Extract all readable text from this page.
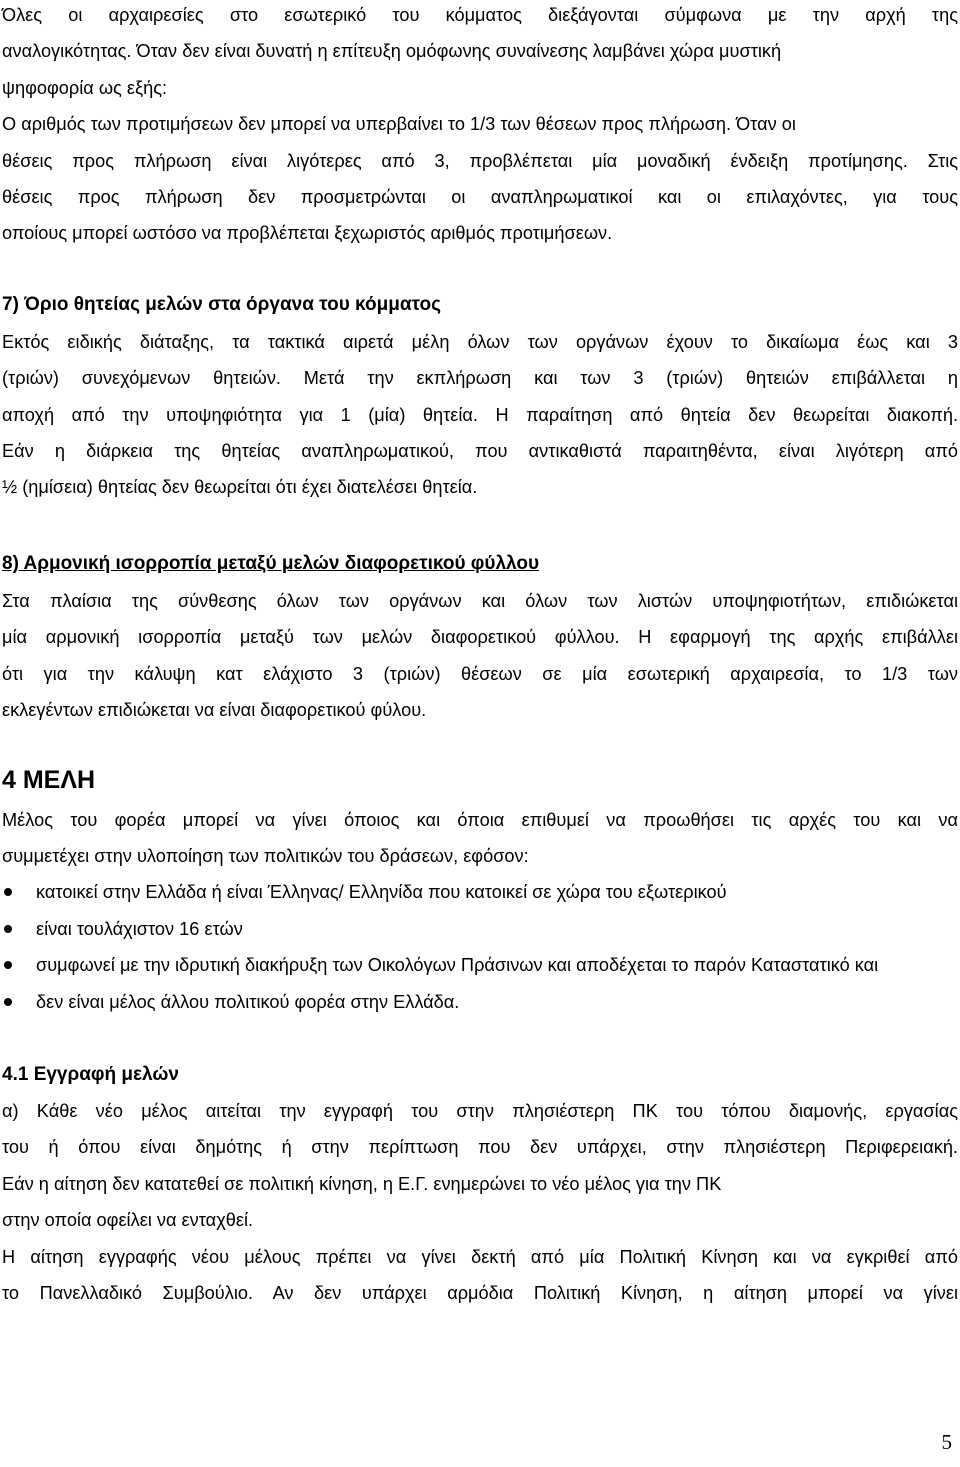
Όλες οι αρχαιρεσίες στο εσωτερικό του κόμματος διεξάγονται σύμφωνα με την αρχή της
αναλογικότητας. Όταν δεν είναι δυνατή η επίτευξη ομόφωνης συναίνεσης λαμβάνει χώρα μυστική
ψηφοφορία ως εξής:
Ο αριθμός των προτιμήσεων δεν μπορεί να υπερβαίνει το 1/3 των θέσεων προς πλήρωση. Όταν οι
θέσεις προς πλήρωση είναι λιγότερες από 3, προβλέπεται μία μοναδική ένδειξη προτίμησης. Στις
θέσεις προς πλήρωση δεν προσμετρώνται οι αναπληρωματικοί και οι επιλαχόντες, για τους
οποίους μπορεί ωστόσο να προβλέπεται ξεχωριστός αριθμός προτιμήσεων.
7) Όριο θητείας μελών στα όργανα του κόμματος
Εκτός ειδικής διάταξης, τα τακτικά αιρετά μέλη όλων των οργάνων έχουν το δικαίωμα έως και 3
(τριών) συνεχόμενων θητειών. Μετά την εκπλήρωση και των 3 (τριών) θητειών επιβάλλεται η
αποχή από την υποψηφιότητα για 1 (μία) θητεία. Η παραίτηση από θητεία δεν θεωρείται διακοπή.
Εάν η διάρκεια της θητείας αναπληρωματικού, που αντικαθιστά παραιτηθέντα, είναι λιγότερη από
½ (ημίσεια) θητείας δεν θεωρείται ότι έχει διατελέσει θητεία.
8) Αρμονική ισορροπία μεταξύ μελών διαφορετικού φύλλου
Στα πλαίσια της σύνθεσης όλων των οργάνων και όλων των λιστών υποψηφιοτήτων, επιδιώκεται
μία αρμονική ισορροπία μεταξύ των μελών διαφορετικού φύλλου. Η εφαρμογή της αρχής επιβάλλει
ότι για την κάλυψη κατ ελάχιστο 3 (τριών) θέσεων σε μία εσωτερική αρχαιρεσία, το 1/3 των
εκλεγέντων επιδιώκεται να είναι διαφορετικού φύλου.
4 ΜΕΛΗ
Μέλος του φορέα μπορεί να γίνει όποιος και όποια επιθυμεί να προωθήσει τις αρχές του και να
συμμετέχει στην υλοποίηση των πολιτικών του δράσεων, εφόσον:
κατοικεί στην Ελλάδα ή είναι Έλληνας/ Ελληνίδα που κατοικεί σε χώρα του εξωτερικού
είναι τουλάχιστον 16 ετών
συμφωνεί με την ιδρυτική διακήρυξη των Οικολόγων Πράσινων και αποδέχεται το παρόν Καταστατικό και
δεν είναι μέλος άλλου πολιτικού φορέα στην Ελλάδα.
4.1 Εγγραφή μελών
α) Κάθε νέο μέλος αιτείται την εγγραφή του στην πλησιέστερη ΠΚ του τόπου διαμονής, εργασίας
του ή όπου είναι δημότης ή στην περίπτωση που δεν υπάρχει, στην πλησιέστερη Περιφερειακή.
Εάν η αίτηση δεν κατατεθεί σε πολιτική κίνηση, η Ε.Γ. ενημερώνει το νέο μέλος για την ΠΚ
στην οποία οφείλει να ενταχθεί.
Η αίτηση εγγραφής νέου μέλους πρέπει να γίνει δεκτή από μία Πολιτική Κίνηση και να εγκριθεί από
το Πανελλαδικό Συμβούλιο. Αν δεν υπάρχει αρμόδια Πολιτική Κίνηση, η αίτηση μπορεί να γίνει
5
